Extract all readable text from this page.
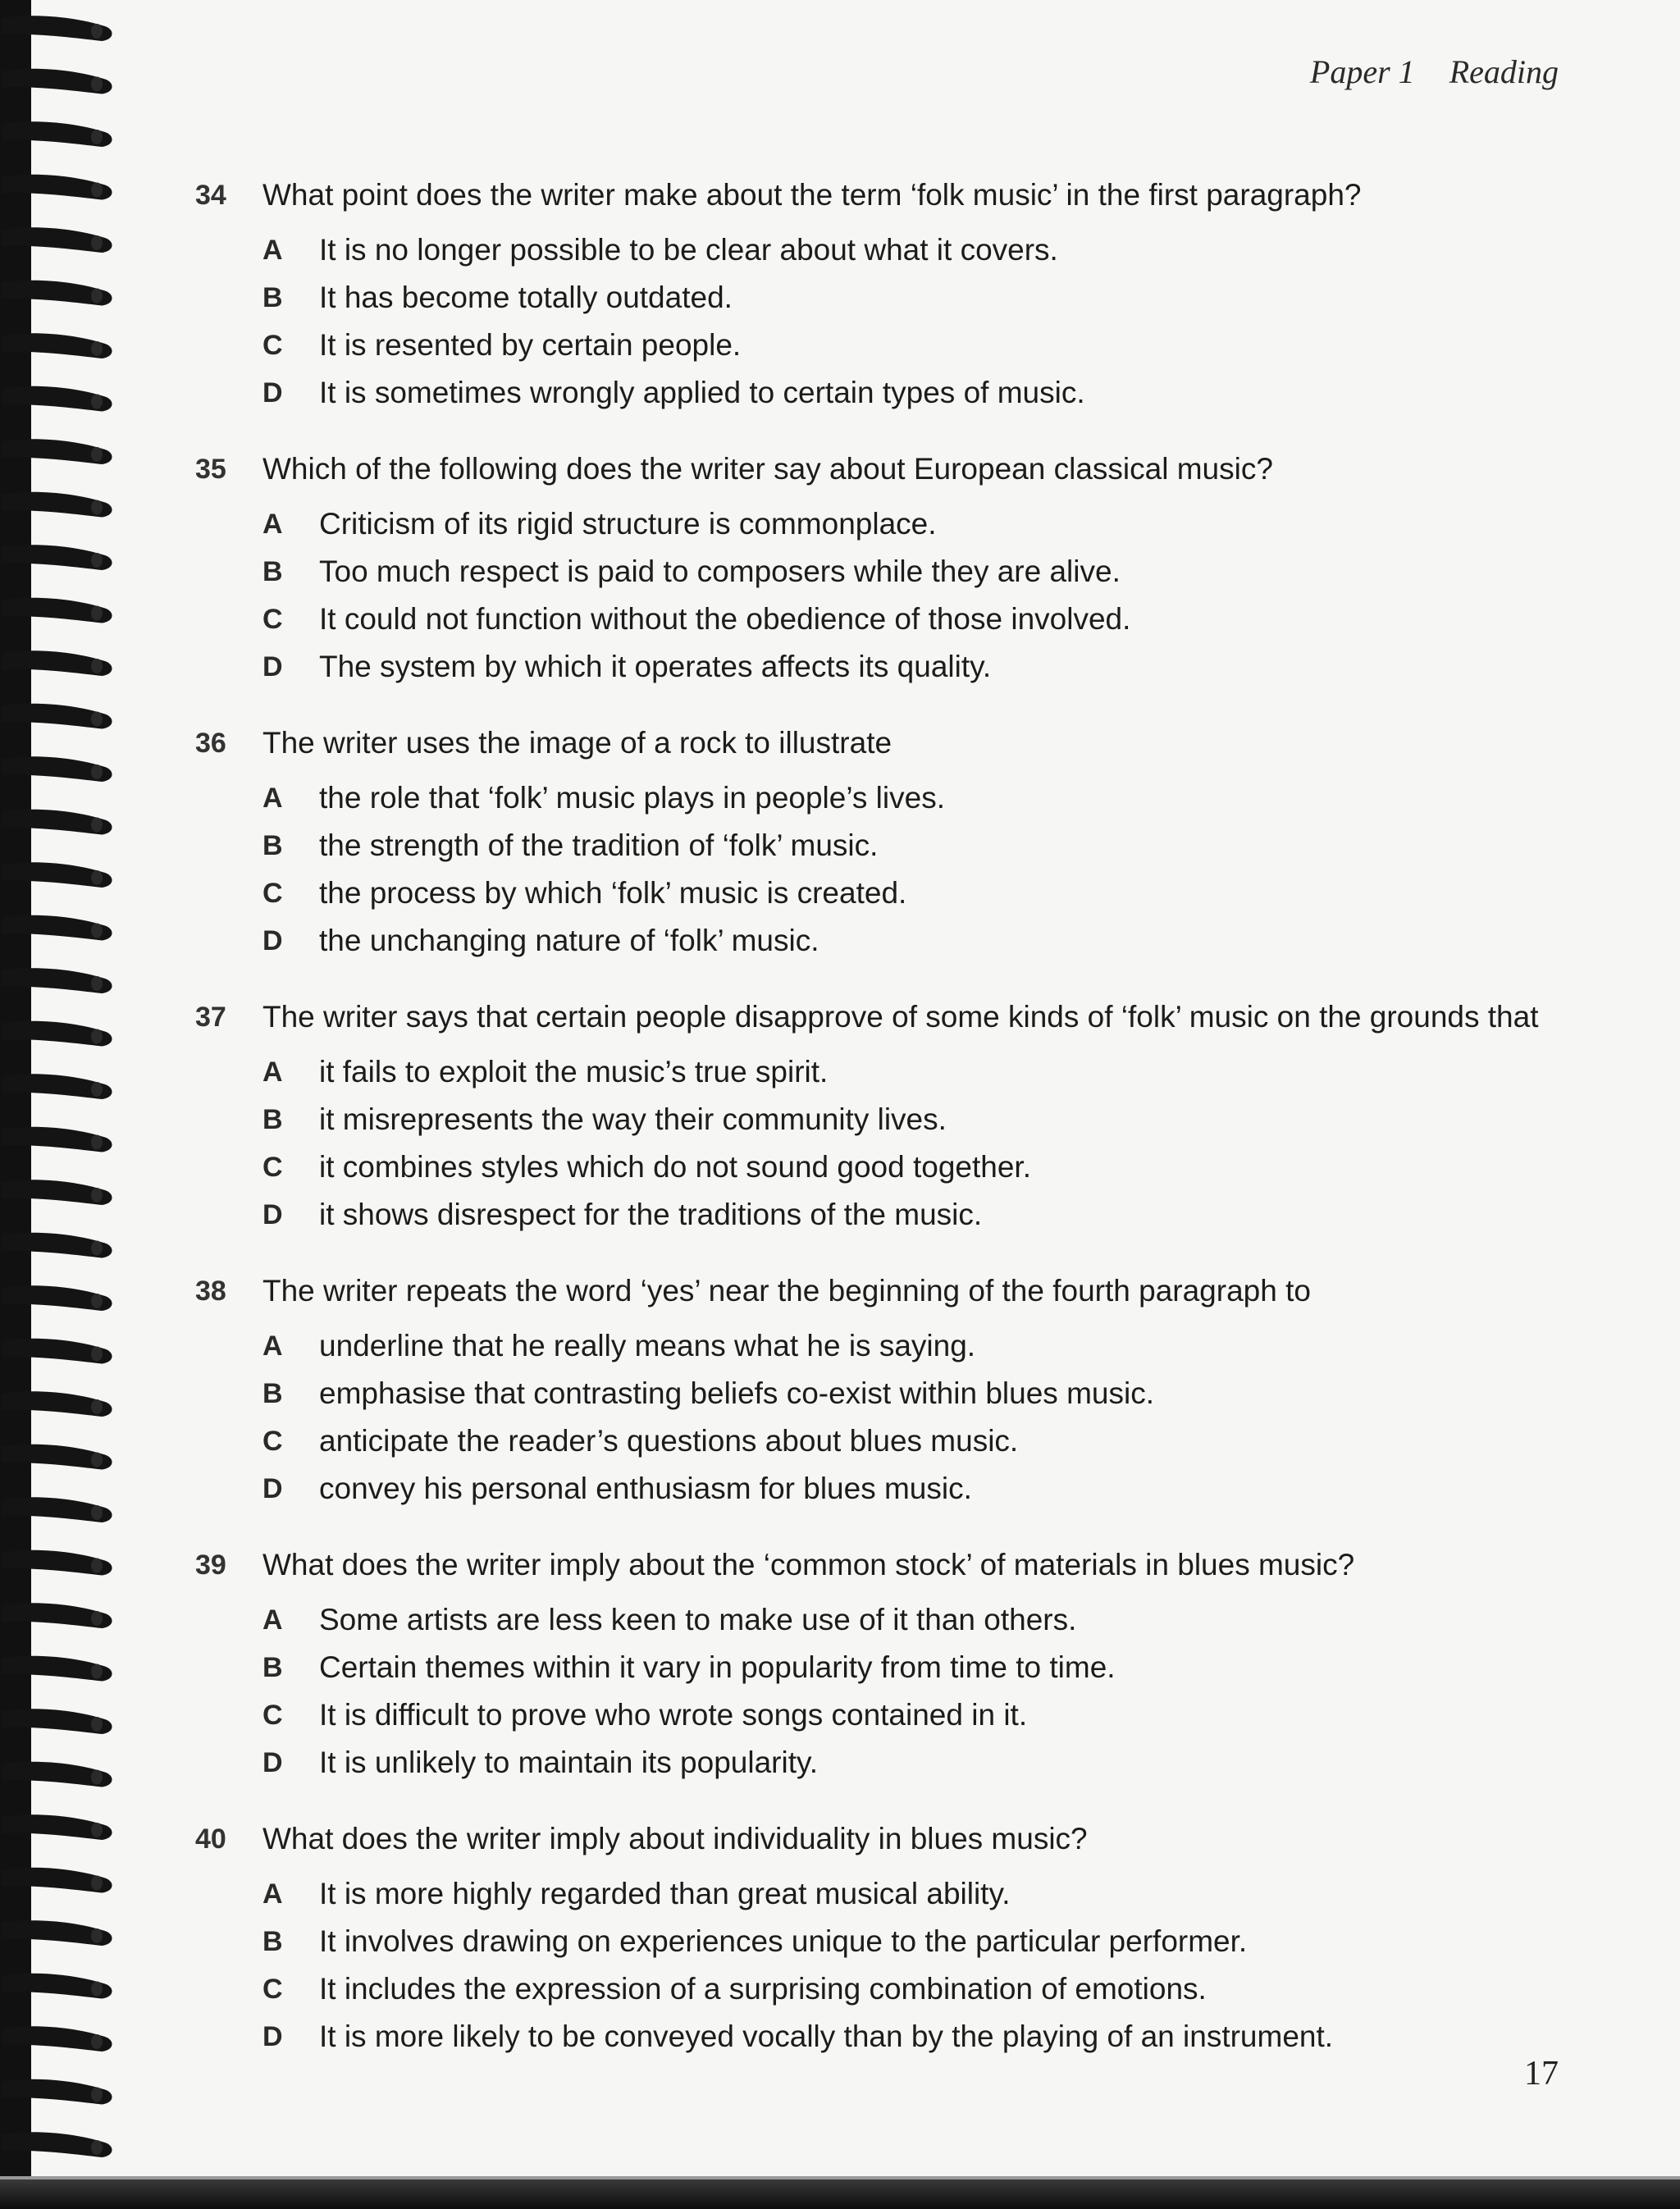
Paper 1 Reading
34	What point does the writer make about the term ‘folk music’ in the first paragraph?
A It is no longer possible to be clear about what it covers.
B It has become totally outdated.
C It is resented by certain people.
D It is sometimes wrongly applied to certain types of music.
35	Which of the following does the writer say about European classical music?
A Criticism of its rigid structure is commonplace.
B Too much respect is paid to composers while they are alive.
C It could not function without the obedience of those involved.
D The system by which it operates affects its quality.
36	The writer uses the image of a rock to illustrate
A the role that ‘folk’ music plays in people’s lives.
B the strength of the tradition of ‘folk’ music.
C the process by which ‘folk’ music is created.
D the unchanging nature of ‘folk’ music.
37	The writer says that certain people disapprove of some kinds of ‘folk’ music on the grounds that
A it fails to exploit the music’s true spirit.
B it misrepresents the way their community lives.
C it combines styles which do not sound good together.
D it shows disrespect for the traditions of the music.
38	The writer repeats the word ‘yes’ near the beginning of the fourth paragraph to
A underline that he really means what he is saying.
B emphasise that contrasting beliefs co-exist within blues music.
C anticipate the reader’s questions about blues music.
D convey his personal enthusiasm for blues music.
39	What does the writer imply about the ‘common stock’ of materials in blues music?
A Some artists are less keen to make use of it than others.
B Certain themes within it vary in popularity from time to time.
C It is difficult to prove who wrote songs contained in it.
D It is unlikely to maintain its popularity.
40	What does the writer imply about individuality in blues music?
A It is more highly regarded than great musical ability.
B It involves drawing on experiences unique to the particular performer.
C It includes the expression of a surprising combination of emotions.
D It is more likely to be conveyed vocally than by the playing of an instrument.
17
